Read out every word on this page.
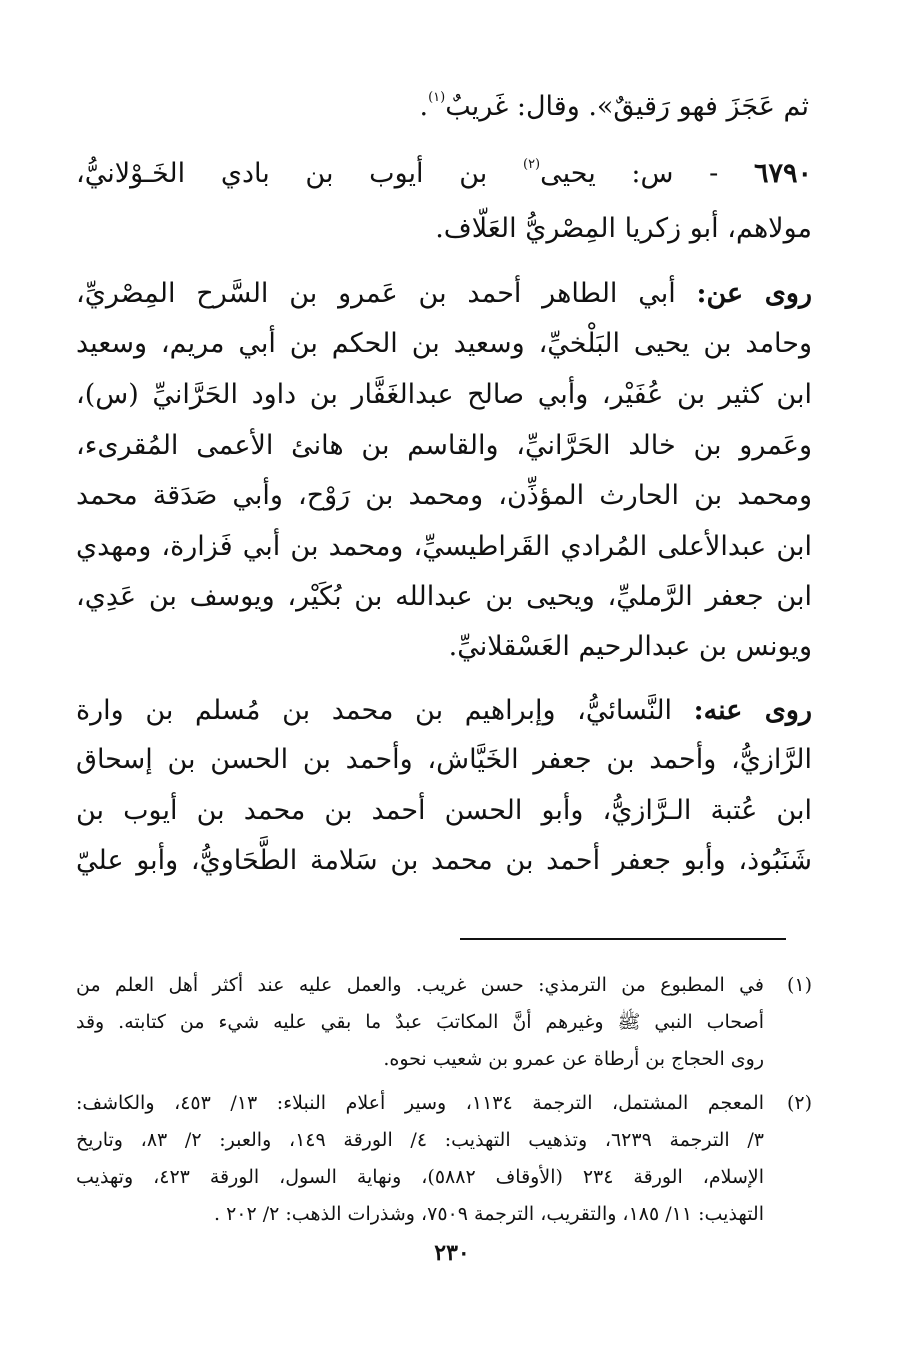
ثم عَجَزَ فهو رَقيقٌ». وقال: غَريبٌ$^{(١)}$.
٦٧٩٠ - س: يحيى$^{(٢)}$ بن أيوب بن بادي الخَـوْلانيُّ،
مولاهم، أبو زكريا المِصْريُّ العَلّاف.
روى عن: أبي الطاهر أحمد بن عَمرو بن السَّرح المِصْريِّ،
وحامد بن يحيى البَلْخيِّ، وسعيد بن الحكم بن أبي مريم، وسعيد
ابن كثير بن عُفَيْر، وأبي صالح عبدالغَفَّار بن داود الحَرَّانيِّ (س)،
وعَمرو بن خالد الحَرَّانيِّ، والقاسم بن هانئ الأعمى المُقرىء،
ومحمد بن الحارث المؤذِّن، ومحمد بن رَوْح، وأبي صَدَقة محمد
ابن عبدالأعلى المُرادي القَراطيسيِّ، ومحمد بن أبي فَزارة، ومهدي
ابن جعفر الرَّمليِّ، ويحيى بن عبدالله بن بُكَيْر، ويوسف بن عَدِي،
ويونس بن عبدالرحيم العَسْقلانيِّ.
روى عنه: النَّسائيُّ، وإبراهيم بن محمد بن مُسلم بن وارة
الرَّازيُّ، وأحمد بن جعفر الخَيَّاش، وأحمد بن الحسن بن إسحاق
ابن عُتبة الـرَّازيُّ، وأبو الحسن أحمد بن محمد بن أيوب بن
شَنَبُوذ، وأبو جعفر أحمد بن محمد بن سَلامة الطَّحَاويُّ، وأبو عليّ
(١)
في المطبوع من الترمذي: حسن غريب. والعمل عليه عند أكثر أهل العلم من
أصحاب النبي ﷺ وغيرهم أنَّ المكاتبَ عبدٌ ما بقي عليه شيء من كتابته. وقد
روى الحجاج بن أرطاة عن عمرو بن شعيب نحوه.
(٢)
المعجم المشتمل، الترجمة ١١٣٤، وسير أعلام النبلاء: ١٣/ ٤٥٣، والكاشف:
٣/ الترجمة ٦٢٣٩، وتذهيب التهذيب: ٤/ الورقة ١٤٩، والعبر: ٢/ ٨٣، وتاريخ
الإسلام، الورقة ٢٣٤ (الأوقاف ٥٨٨٢)، ونهاية السول، الورقة ٤٢٣، وتهذيب
التهذيب: ١١/ ١٨٥، والتقريب، الترجمة ٧٥٠٩، وشذرات الذهب: ٢/ ٢٠٢ .
٢٣٠
